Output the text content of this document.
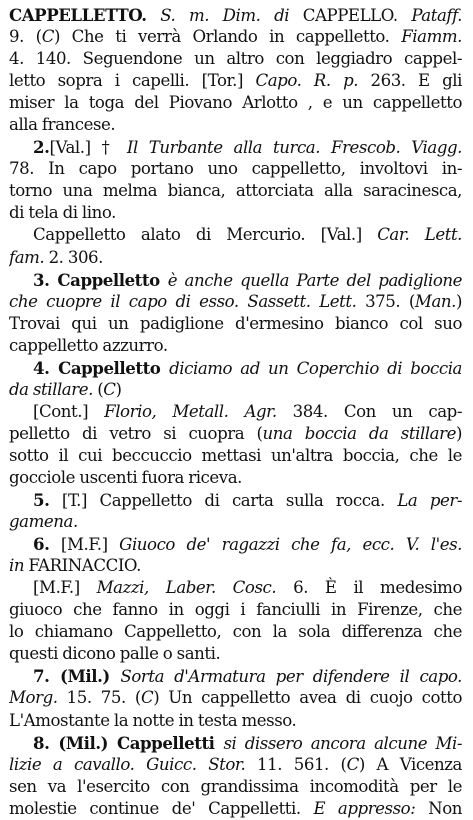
CAPPELLETTO. S. m. Dim. di CAPPELLO. Pataff.
9. (C) Che ti verrà Orlando in cappelletto. Fiamm.
4. 140. Seguendone un altro con leggiadro cappel-
letto sopra i capelli. [Tor.] Capo. R. p. 263. E gli
miser la toga del Piovano Arlotto , e un cappelletto
alla francese.
2.[Val.] † Il Turbante alla turca. Frescob. Viagg.
78. In capo portano uno cappelletto, involtovi in-
torno una melma bianca, attorciata alla saracinesca,
di tela di lino.
Cappelletto alato di Mercurio. [Val.] Car. Lett.
fam. 2. 306.
3. Cappelletto è anche quella Parte del padiglione
che cuopre il capo di esso. Sassett. Lett. 375. (Man.)
Trovai qui un padiglione d'ermesino bianco col suo
cappelletto azzurro.
4. Cappelletto diciamo ad un Coperchio di boccia
da stillare. (C)
[Cont.] Florio, Metall. Agr. 384. Con un cap-
pelletto di vetro si cuopra (una boccia da stillare)
sotto il cui beccuccio mettasi un'altra boccia, che le
gocciole uscenti fuora riceva.
5. [T.] Cappelletto di carta sulla rocca. La per-
gamena.
6. [M.F.] Giuoco de' ragazzi che fa, ecc. V. l'es.
in FARINACCIO.
[M.F.] Mazzi, Laber. Cosc. 6. È il medesimo
giuoco che fanno in oggi i fanciulli in Firenze, che
lo chiamano Cappelletto, con la sola differenza che
questi dicono palle o santi.
7. (Mil.) Sorta d'Armatura per difendere il capo.
Morg. 15. 75. (C) Un cappelletto avea di cuojo cotto
L'Amostante la notte in testa messo.
8. (Mil.) Cappelletti si dissero ancora alcune Mi-
lizie a cavallo. Guicc. Stor. 11. 561. (C) A Vicenza
sen va l'esercito con grandissima incomodità per le
molestie continue de' Cappelletti. E appresso: Non
